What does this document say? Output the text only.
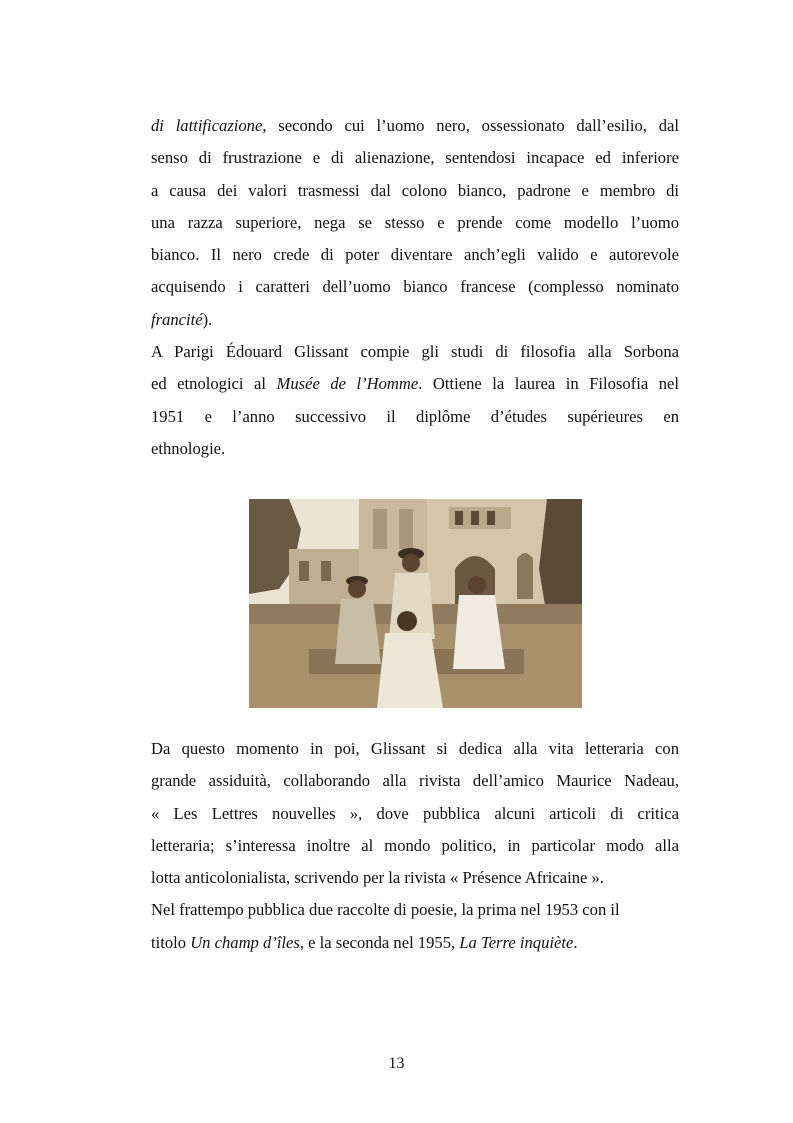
di lattificazione, secondo cui l’uomo nero, ossessionato dall’esilio, dal
senso di frustrazione e di alienazione, sentendosi incapace ed inferiore
a causa dei valori trasmessi dal colono bianco, padrone e membro di
una razza superiore, nega se stesso e prende come modello l’uomo
bianco. Il nero crede di poter diventare anch’egli valido e autorevole
acquisendo i caratteri dell’uomo bianco francese (complesso nominato
francité).
A Parigi Édouard Glissant compie gli studi di filosofia alla Sorbona
ed etnologici al Musée de l’Homme. Ottiene la laurea in Filosofia nel
1951 e l’anno successivo il diplôme d’études supérieures en
ethnologie.
Da questo momento in poi, Glissant si dedica alla vita letteraria con
grande assiduità, collaborando alla rivista dell’amico Maurice Nadeau,
« Les Lettres nouvelles », dove pubblica alcuni articoli di critica
letteraria; s’interessa inoltre al mondo politico, in particolar modo alla
lotta anticolonialista, scrivendo per la rivista « Présence Africaine ».
Nel frattempo pubblica due raccolte di poesie, la prima nel 1953 con il
titolo Un champ d’îles, e la seconda nel 1955, La Terre inquiète.
13
